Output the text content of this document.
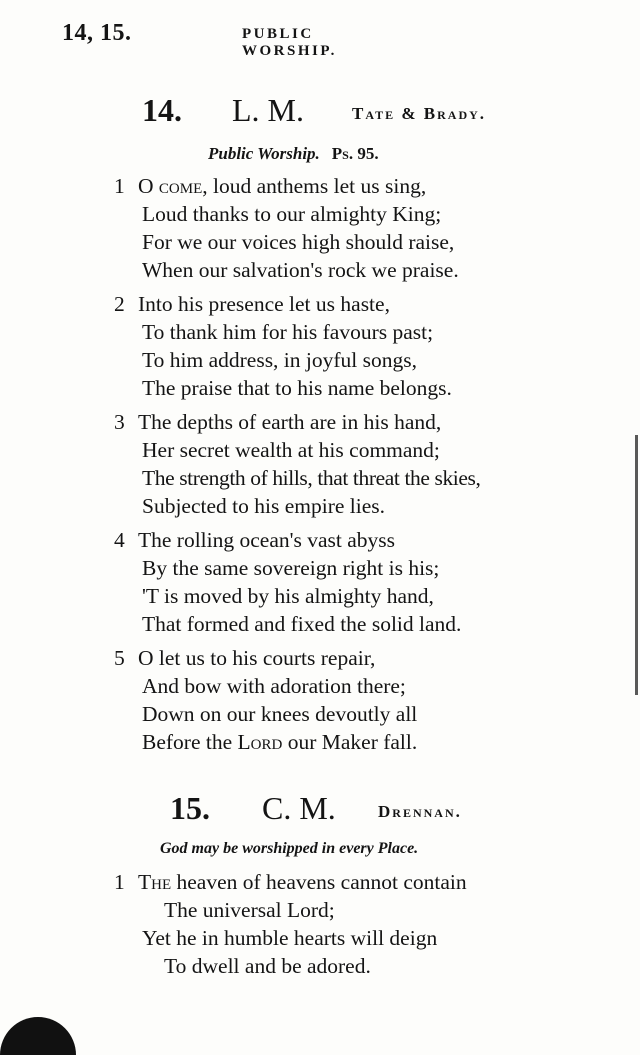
14, 15.	PUBLIC WORSHIP.
14. L. M.	Tate & Brady.
Public Worship. Ps. 95.
1 O come, loud anthems let us sing,
Loud thanks to our almighty King;
For we our voices high should raise,
When our salvation's rock we praise.
2 Into his presence let us haste,
To thank him for his favours past;
To him address, in joyful songs,
The praise that to his name belongs.
3 The depths of earth are in his hand,
Her secret wealth at his command;
The strength of hills, that threat the skies,
Subjected to his empire lies.
4 The rolling ocean's vast abyss
By the same sovereign right is his;
'T is moved by his almighty hand,
That formed and fixed the solid land.
5 O let us to his courts repair,
And bow with adoration there;
Down on our knees devoutly all
Before the Lord our Maker fall.
15. C. M. Drennan.
God may be worshipped in every Place.
1 The heaven of heavens cannot contain
The universal Lord;
Yet he in humble hearts will deign
To dwell and be adored.
